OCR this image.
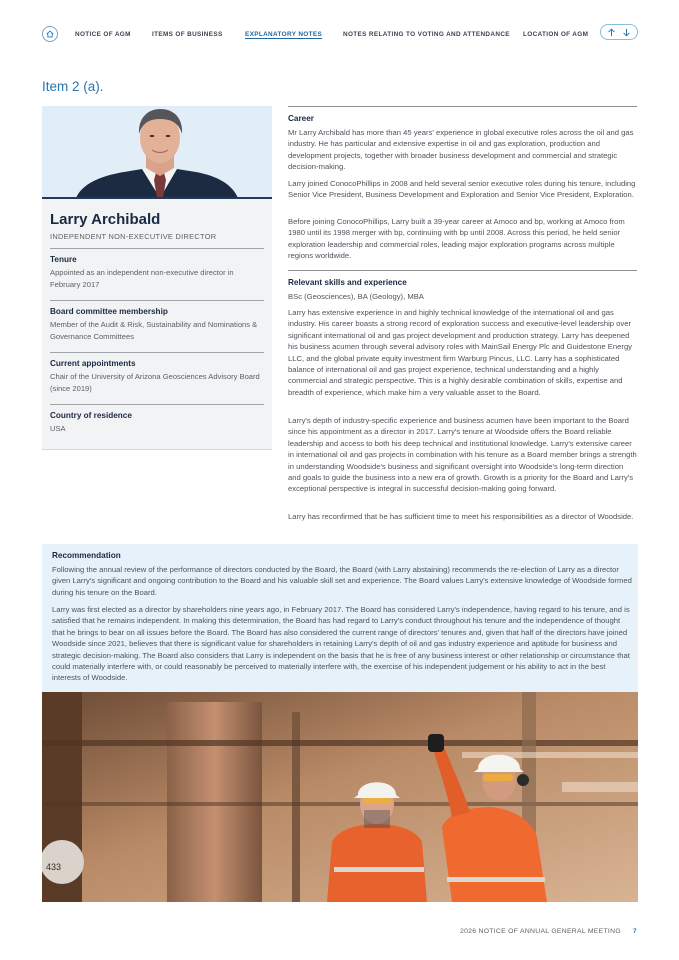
NOTICE OF AGM	ITEMS OF BUSINESS	EXPLANATORY NOTES	NOTES RELATING TO VOTING AND ATTENDANCE LOCATION OF AGM
Item 2 (a).
Larry Archibald
INDEPENDENT NON-EXECUTIVE DIRECTOR
Tenure
Appointed as an independent non-executive director in February 2017
Board committee membership
Member of the Audit & Risk, Sustainability and Nominations & Governance Committees
Current appointments
Chair of the University of Arizona Geosciences Advisory Board (since 2019)
Country of residence
USA
Career
Mr Larry Archibald has more than 45 years' experience in global executive roles across the oil and gas industry. He has particular and extensive expertise in oil and gas exploration, production and development projects, together with broader business development and commercial and strategic decision-making.
Larry joined ConocoPhillips in 2008 and held several senior executive roles during his tenure, including Senior Vice President, Business Development and Exploration and Senior Vice President, Exploration.
Before joining ConocoPhillips, Larry built a 39-year career at Amoco and bp, working at Amoco from 1980 until its 1998 merger with bp, continuing with bp until 2008. Across this period, he held senior exploration leadership and commercial roles, leading major exploration programs across multiple regions worldwide.
Relevant skills and experience
BSc (Geosciences), BA (Geology), MBA
Larry has extensive experience in and highly technical knowledge of the international oil and gas industry. His career boasts a strong record of exploration success and executive-level leadership over significant international oil and gas project development and production strategy. Larry has deepened his business acumen through several advisory roles with MainSail Energy Plc and Guidestone Energy LLC, and the global private equity investment firm Warburg Pincus, LLC. Larry has a sophisticated balance of international oil and gas project experience, technical understanding and a highly commercial and strategic perspective. This is a highly desirable combination of skills, expertise and breadth of experience, which make him a very valuable asset to the Board.
Larry's depth of industry-specific experience and business acumen have been important to the Board since his appointment as a director in 2017. Larry's tenure at Woodside offers the Board reliable leadership and access to both his deep technical and institutional knowledge. Larry's extensive career in international oil and gas projects in combination with his tenure as a Board member brings a strength in understanding Woodside's business and significant oversight into Woodside's long-term direction and goals to guide the business into a new era of growth. Growth is a priority for the Board and Larry's exceptional perspective is integral in successful decision-making going forward.
Larry has reconfirmed that he has sufficient time to meet his responsibilities as a director of Woodside.
Recommendation
Following the annual review of the performance of directors conducted by the Board, the Board (with Larry abstaining) recommends the re-election of Larry as a director given Larry's significant and ongoing contribution to the Board and his valuable skill set and experience. The Board values Larry's extensive knowledge of Woodside formed during his tenure on the Board.
Larry was first elected as a director by shareholders nine years ago, in February 2017. The Board has considered Larry's independence, having regard to his tenure, and is satisfied that he remains independent. In making this determination, the Board has had regard to Larry's conduct throughout his tenure and the independence of thought that he brings to bear on all issues before the Board. The Board has also considered the current range of directors' tenures and, given that half of the directors have joined Woodside since 2021, believes that there is significant value for shareholders in retaining Larry's depth of oil and gas industry experience and aptitude for business and strategic decision-making. The Board also considers that Larry is independent on the basis that he is free of any business interest or other relationship or circumstance that could materially interfere with, or could reasonably be perceived to materially interfere with, the exercise of his independent judgement or his ability to act in the best interests of Woodside.
433
2026 NOTICE OF ANNUAL GENERAL MEETING 7
